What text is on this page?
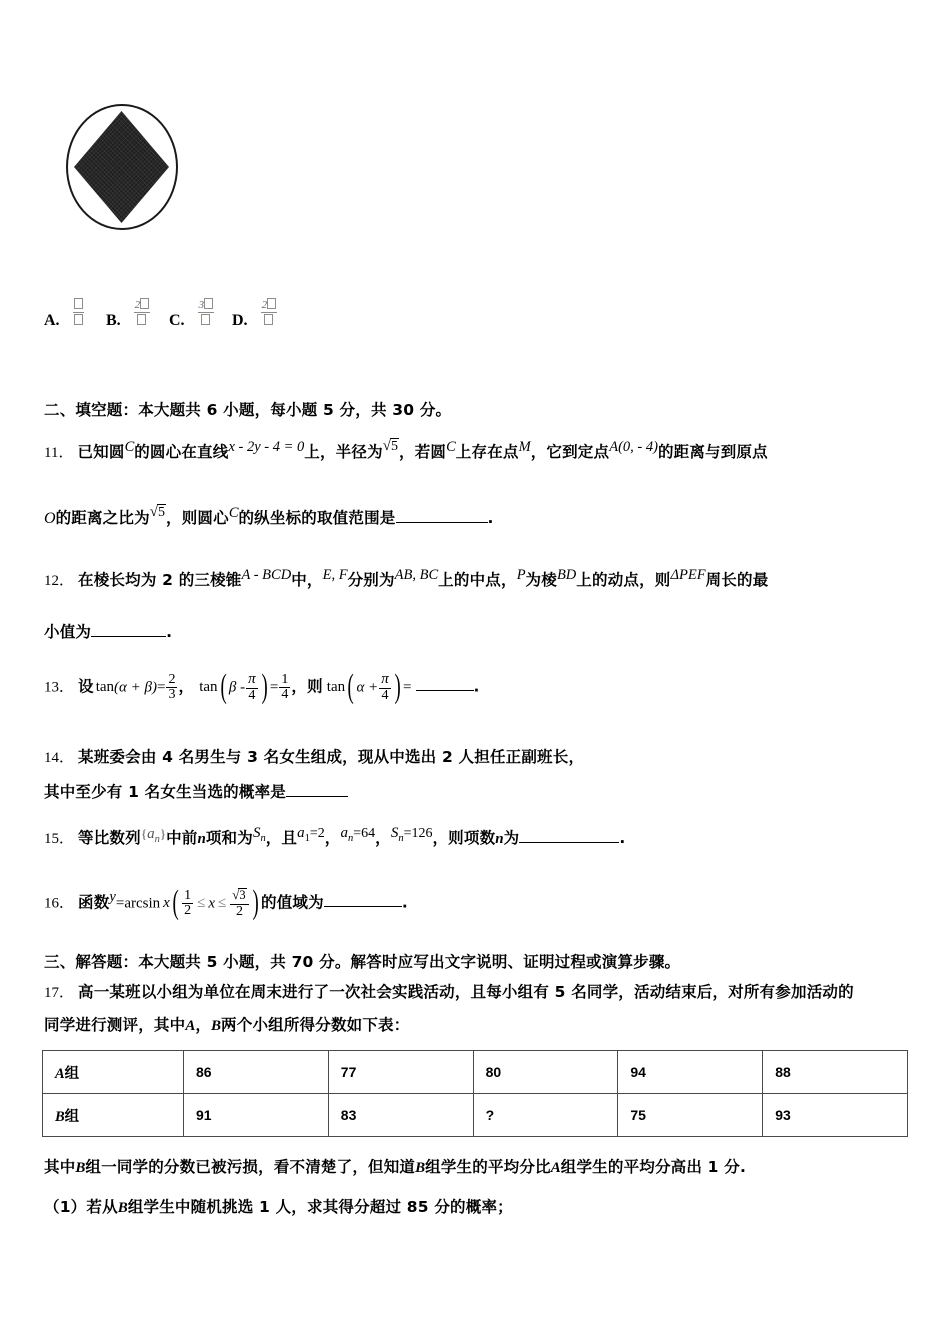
A.	B.
2
C.
3
D.
2
二、填空题：本大题共 6 小题，每小题 5 分，共 30 分。
11． 已知圆C的圆心在直线x - 2y - 4 = 0上，半径为√5，若圆C上存在点M，它到定点A(0, - 4)的距离与到原点
O的距离之比为√5，则圆心C的纵坐标的取值范围是	.
12． 在棱长均为 2 的三棱锥A - BCD中，E, F分别为AB, BC上的中点，P为棱BD上的动点，则ΔPEF周长的最
小值为	.
13． 设 $\tan(\alpha + \beta)= \frac{2}{3}$ ， tan( β - $\frac{\pi}{4}$ ) = $\frac{1}{4}$ ，则 tan( $\alpha + \frac{\pi}{4}$ ) =	.
14． 某班委会由 4 名男生与 3 名女生组成，现从中选出 2 人担任正副班长，
其中至少有 1 名女生当选的概率是
15． 等比数列{an}中前n项和为Sn，且a1=2，an=64，Sn=126，则项数n为	.
16． 函数y=arcsin $x( \frac{1}{2} \le x \le \frac{√3}{2}$ ) 的值域为	.
三、解答题：本大题共 5 小题，共 70 分。解答时应写出文字说明、证明过程或演算步骤。
17． 高一某班以小组为单位在周末进行了一次社会实践活动，且每小组有 5 名同学，活动结束后，对所有参加活动的
同学进行测评，其中A，B两个小组所得分数如下表：
A组	86	77	80	94	88
B组	91	83	?	75	93
其中B组一同学的分数已被污损，看不清楚了，但知道B组学生的平均分比A组学生的平均分高出 1 分.
（1）若从B组学生中随机挑选 1 人，求其得分超过 85 分的概率；
